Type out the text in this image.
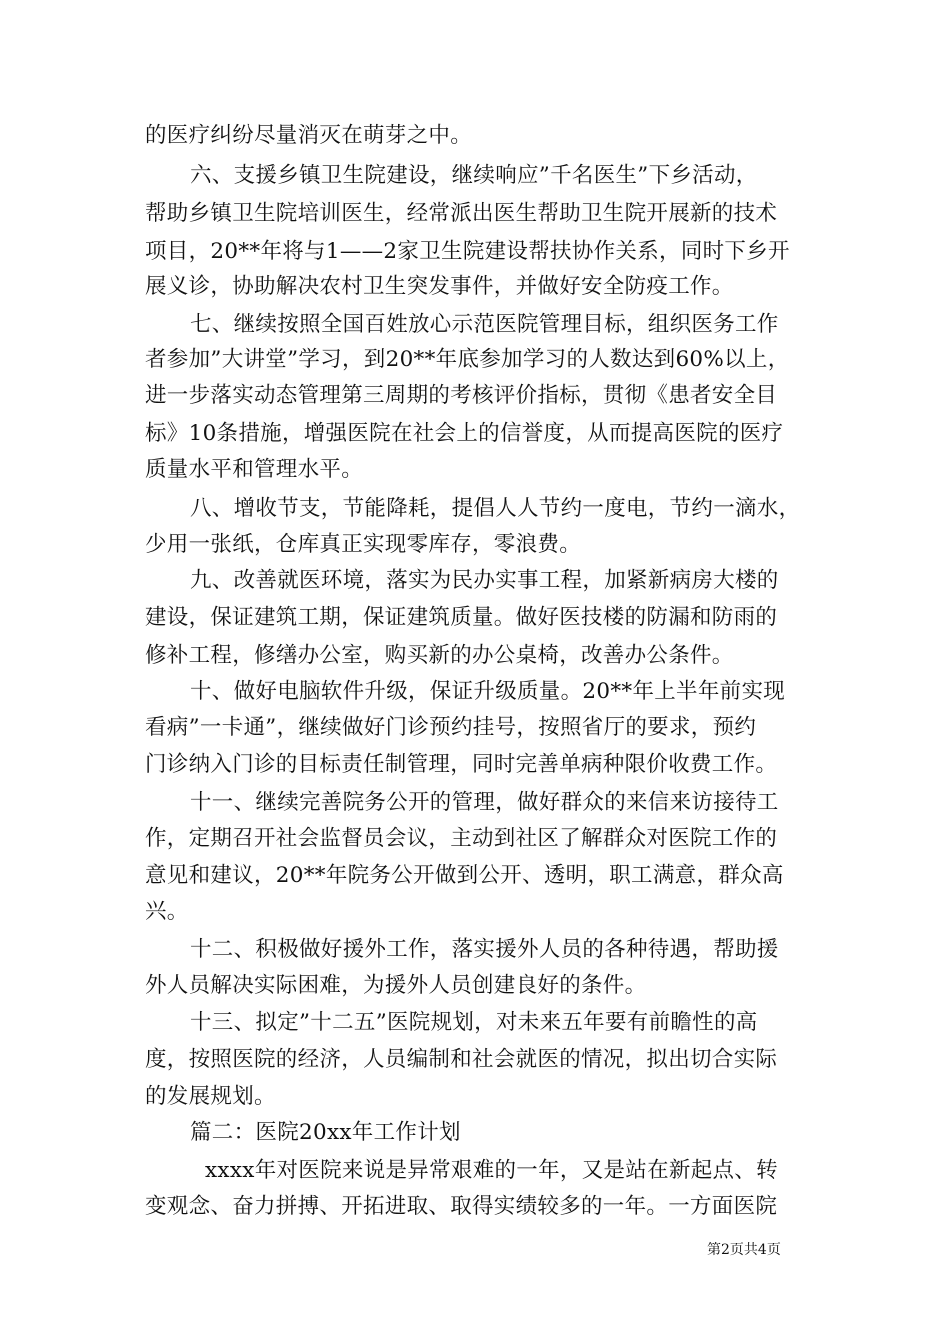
的医疗纠纷尽量消灭在萌芽之中。
六、支援乡镇卫生院建设，继续响应”千名医生”下乡活动，
帮助乡镇卫生院培训医生，经常派出医生帮助卫生院开展新的技术
项目，20**年将与1——2家卫生院建设帮扶协作关系，同时下乡开
展义诊，协助解决农村卫生突发事件，并做好安全防疫工作。
七、继续按照全国百姓放心示范医院管理目标，组织医务工作
者参加”大讲堂”学习，到20**年底参加学习的人数达到60%以上，
进一步落实动态管理第三周期的考核评价指标，贯彻《患者安全目
标》10条措施，增强医院在社会上的信誉度，从而提高医院的医疗
质量水平和管理水平。
八、增收节支，节能降耗，提倡人人节约一度电，节约一滴水，
少用一张纸，仓库真正实现零库存，零浪费。
九、改善就医环境，落实为民办实事工程，加紧新病房大楼的
建设，保证建筑工期，保证建筑质量。做好医技楼的防漏和防雨的
修补工程，修缮办公室，购买新的办公桌椅，改善办公条件。
十、做好电脑软件升级，保证升级质量。20**年上半年前实现
看病”一卡通”，继续做好门诊预约挂号，按照省厅的要求，预约
门诊纳入门诊的目标责任制管理，同时完善单病种限价收费工作。
十一、继续完善院务公开的管理，做好群众的来信来访接待工
作，定期召开社会监督员会议，主动到社区了解群众对医院工作的
意见和建议，20**年院务公开做到公开、透明，职工满意，群众高
兴。
十二、积极做好援外工作，落实援外人员的各种待遇，帮助援
外人员解决实际困难，为援外人员创建良好的条件。
十三、拟定”十二五”医院规划，对未来五年要有前瞻性的高
度，按照医院的经济，人员编制和社会就医的情况，拟出切合实际
的发展规划。
篇二：医院20xx年工作计划
xxxx年对医院来说是异常艰难的一年，又是站在新起点、转
变观念、奋力拼搏、开拓进取、取得实绩较多的一年。一方面医院
第2页共4页
